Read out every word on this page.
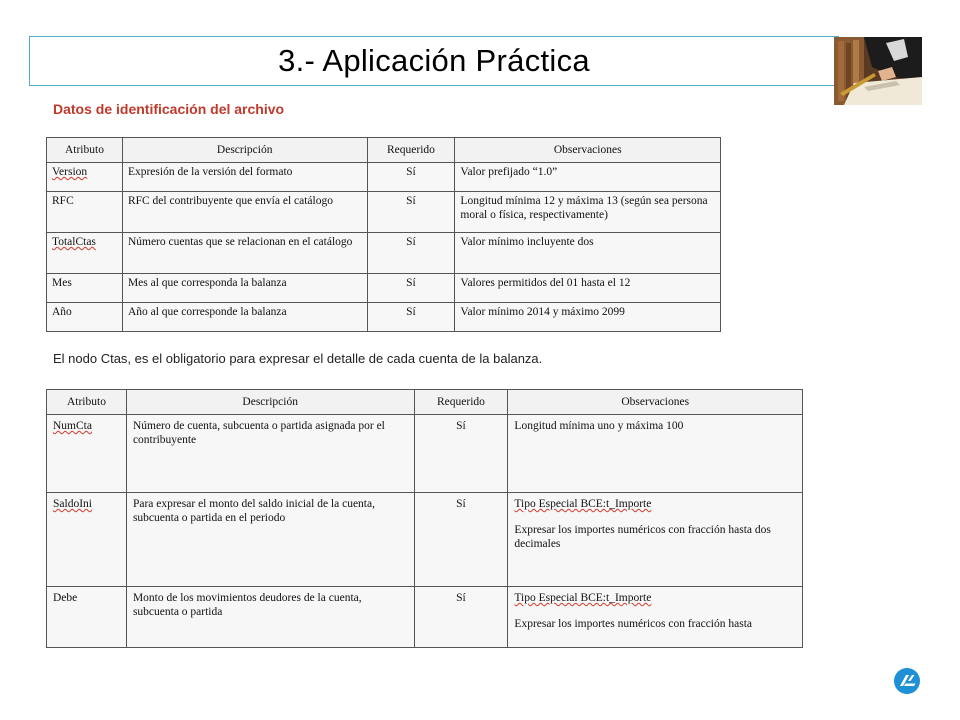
3.- Aplicación Práctica
Datos de identificación del archivo
Atributo	Descripción	Requerido	Observaciones
Version	Expresión de la versión del formato	Sí	Valor prefijado “1.0”
RFC	RFC del contribuyente que envía el catálogo	Sí	Longitud mínima 12 y máxima 13 (según sea persona moral o física, respectivamente)
TotalCtas	Número cuentas que se relacionan en el catálogo	Sí	Valor mínimo incluyente dos
Mes	Mes al que corresponda la balanza	Sí	Valores permitidos del 01 hasta el 12
Año	Año al que corresponde la balanza	Sí	Valor mínimo 2014 y máximo 2099
El nodo Ctas, es el obligatorio para expresar el detalle de cada cuenta de la balanza.
Atributo	Descripción	Requerido	Observaciones
NumCta	Número de cuenta, subcuenta o partida asignada por el contribuyente	Sí	Longitud mínima uno y máxima 100
SaldoIni	Para expresar el monto del saldo inicial de la cuenta, subcuenta o partida en el periodo	Sí	Tipo Especial BCE:t_Importe
Expresar los importes numéricos con fracción hasta dos decimales
Debe	Monto de los movimientos deudores de la cuenta, subcuenta o partida	Sí	Tipo Especial BCE:t_Importe
Expresar los importes numéricos con fracción hasta
